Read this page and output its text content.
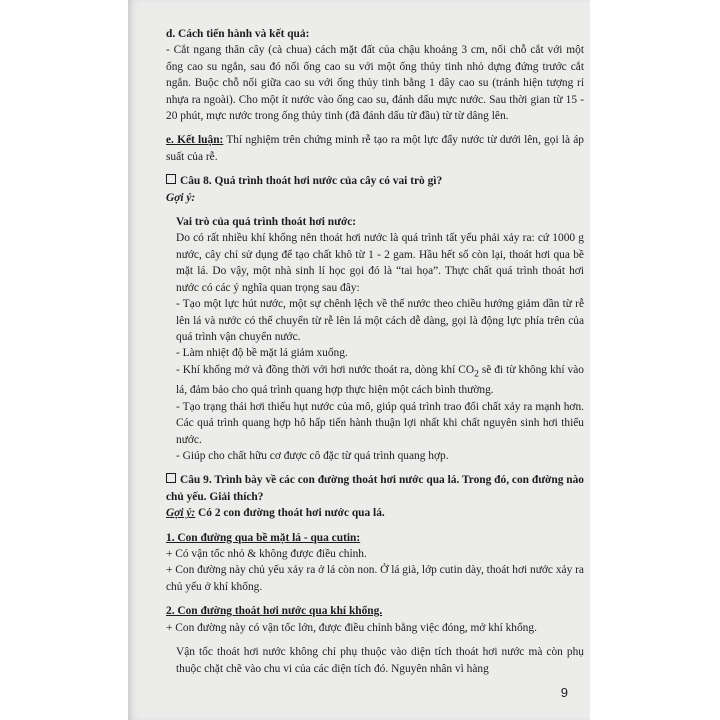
d. Cách tiến hành và kết quả:

- Cắt ngang thân cây (cà chua) cách mặt đất của chậu khoảng 3 cm, nối chỗ cắt với một ống cao su ngắn, sau đó nối ống cao su với một ống thủy tinh nhỏ dựng đứng trước cắt ngắn. Buộc chỗ nối giữa cao su với ống thủy tinh bằng 1 dây cao su (tránh hiện tượng rỉ nhựa ra ngoài). Cho một ít nước vào ống cao su, đánh dấu mực nước. Sau thời gian từ 15 - 20 phút, mực nước trong ống thủy tinh (đã đánh dấu từ đầu) từ từ dâng lên.

e. Kết luận: Thí nghiệm trên chứng minh rễ tạo ra một lực đẩy nước từ dưới lên, gọi là áp suất của rễ.

Câu 8. Quá trình thoát hơi nước của cây có vai trò gì?

Gợi ý:

Vai trò của quá trình thoát hơi nước:

Do có rất nhiều khí khổng nên thoát hơi nước là quá trình tất yếu phải xảy ra: cứ 1000 g nước, cây chỉ sử dụng để tạo chất khô từ 1 - 2 gam. Hầu hết số còn lại, thoát hơi qua bề mặt lá. Do vậy, một nhà sinh lí học gọi đó là “tai họa”. Thực chất quá trình thoát hơi nước có các ý nghĩa quan trọng sau đây:

- Tạo một lực hút nước, một sự chênh lệch về thế nước theo chiều hướng giảm dần từ rễ lên lá và nước có thể chuyển từ rễ lên lá một cách dễ dàng, gọi là động lực phía trên của quá trình vận chuyển nước.

- Làm nhiệt độ bề mặt lá giảm xuống.

- Khí khổng mở và đồng thời với hơi nước thoát ra, dòng khí $CO_2$ sẽ đi từ không khí vào lá, đảm bảo cho quá trình quang hợp thực hiện một cách bình thường.

- Tạo trạng thái hơi thiếu hụt nước của mô, giúp quá trình trao đổi chất xảy ra mạnh hơn. Các quá trình quang hợp hô hấp tiến hành thuận lợi nhất khi chất nguyên sinh hơi thiếu nước.

- Giúp cho chất hữu cơ được cô đặc từ quá trình quang hợp.

Câu 9. Trình bày về các con đường thoát hơi nước qua lá. Trong đó, con đường nào chủ yếu. Giải thích?

Gợi ý: Có 2 con đường thoát hơi nước qua lá.

1. Con đường qua bề mặt lá - qua cutin:

+ Có vận tốc nhỏ & không được điều chỉnh.

+ Con đường này chủ yếu xảy ra ở lá còn non. Ở lá già, lớp cutin dày, thoát hơi nước xảy ra chủ yếu ở khí khổng.

2. Con đường thoát hơi nước qua khí khổng.

+ Con đường này có vận tốc lớn, được điều chỉnh bằng việc đóng, mở khí khổng.

Vận tốc thoát hơi nước không chỉ phụ thuộc vào diện tích thoát hơi nước mà còn phụ thuộc chặt chẽ vào chu vi của các diện tích đó. Nguyên nhân vì hàng

9
